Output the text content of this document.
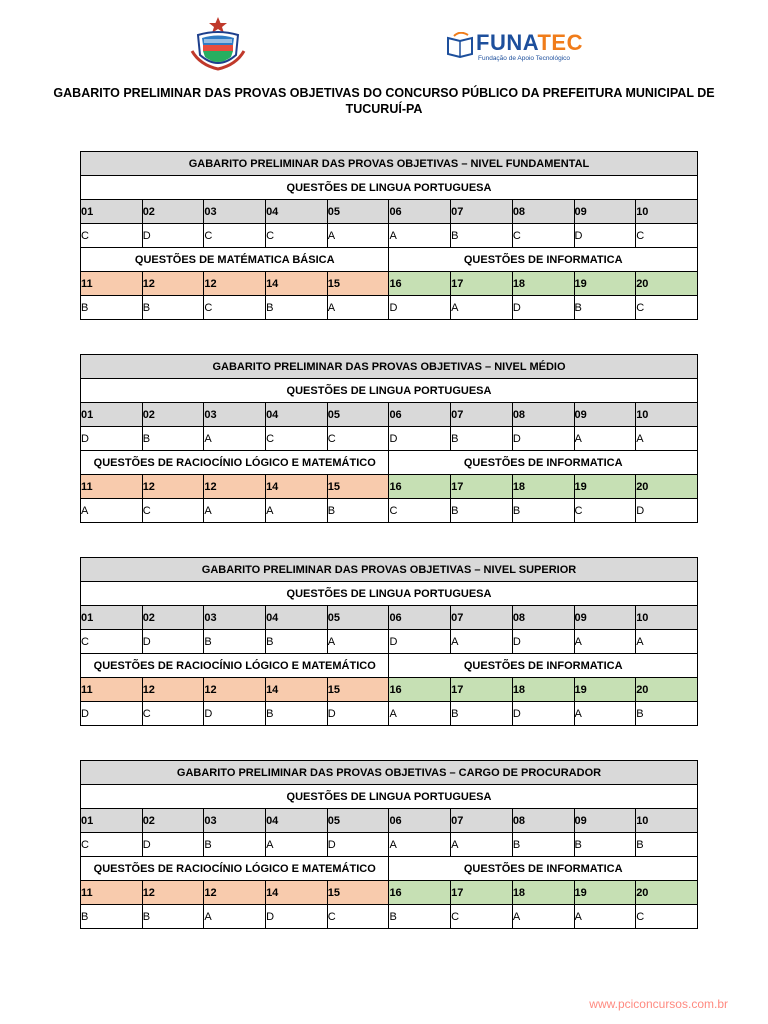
FUNATEC
Fundação de Apoio Tecnológico
GABARITO PRELIMINAR DAS PROVAS OBJETIVAS DO CONCURSO PÚBLICO DA PREFEITURA MUNICIPAL DE TUCURUÍ-PA
GABARITO PRELIMINAR DAS PROVAS OBJETIVAS – NIVEL FUNDAMENTAL									
QUESTÕES DE LINGUA PORTUGUESA									
01	02	03	04	05	06	07	08	09	10
C	D	C	C	A	A	B	C	D	C
QUESTÕES DE MATÉMATICA BÁSICA					QUESTÕES DE INFORMATICA				
11	12	12	14	15	16	17	18	19	20
B	B	C	B	A	D	A	D	B	C
GABARITO PRELIMINAR DAS PROVAS OBJETIVAS – NIVEL MÉDIO									
QUESTÕES DE LINGUA PORTUGUESA									
01	02	03	04	05	06	07	08	09	10
D	B	A	C	C	D	B	D	A	A
QUESTÕES DE RACIOCÍNIO LÓGICO E MATEMÁTICO					QUESTÕES DE INFORMATICA				
11	12	12	14	15	16	17	18	19	20
A	C	A	A	B	C	B	B	C	D
GABARITO PRELIMINAR DAS PROVAS OBJETIVAS – NIVEL SUPERIOR									
QUESTÕES DE LINGUA PORTUGUESA									
01	02	03	04	05	06	07	08	09	10
C	D	B	B	A	D	A	D	A	A
QUESTÕES DE RACIOCÍNIO LÓGICO E MATEMÁTICO					QUESTÕES DE INFORMATICA				
11	12	12	14	15	16	17	18	19	20
D	C	D	B	D	A	B	D	A	B
GABARITO PRELIMINAR DAS PROVAS OBJETIVAS – CARGO DE PROCURADOR									
QUESTÕES DE LINGUA PORTUGUESA									
01	02	03	04	05	06	07	08	09	10
C	D	B	A	D	A	A	B	B	B
QUESTÕES DE RACIOCÍNIO LÓGICO E MATEMÁTICO					QUESTÕES DE INFORMATICA				
11	12	12	14	15	16	17	18	19	20
B	B	A	D	C	B	C	A	A	C
www.pciconcursos.com.br
